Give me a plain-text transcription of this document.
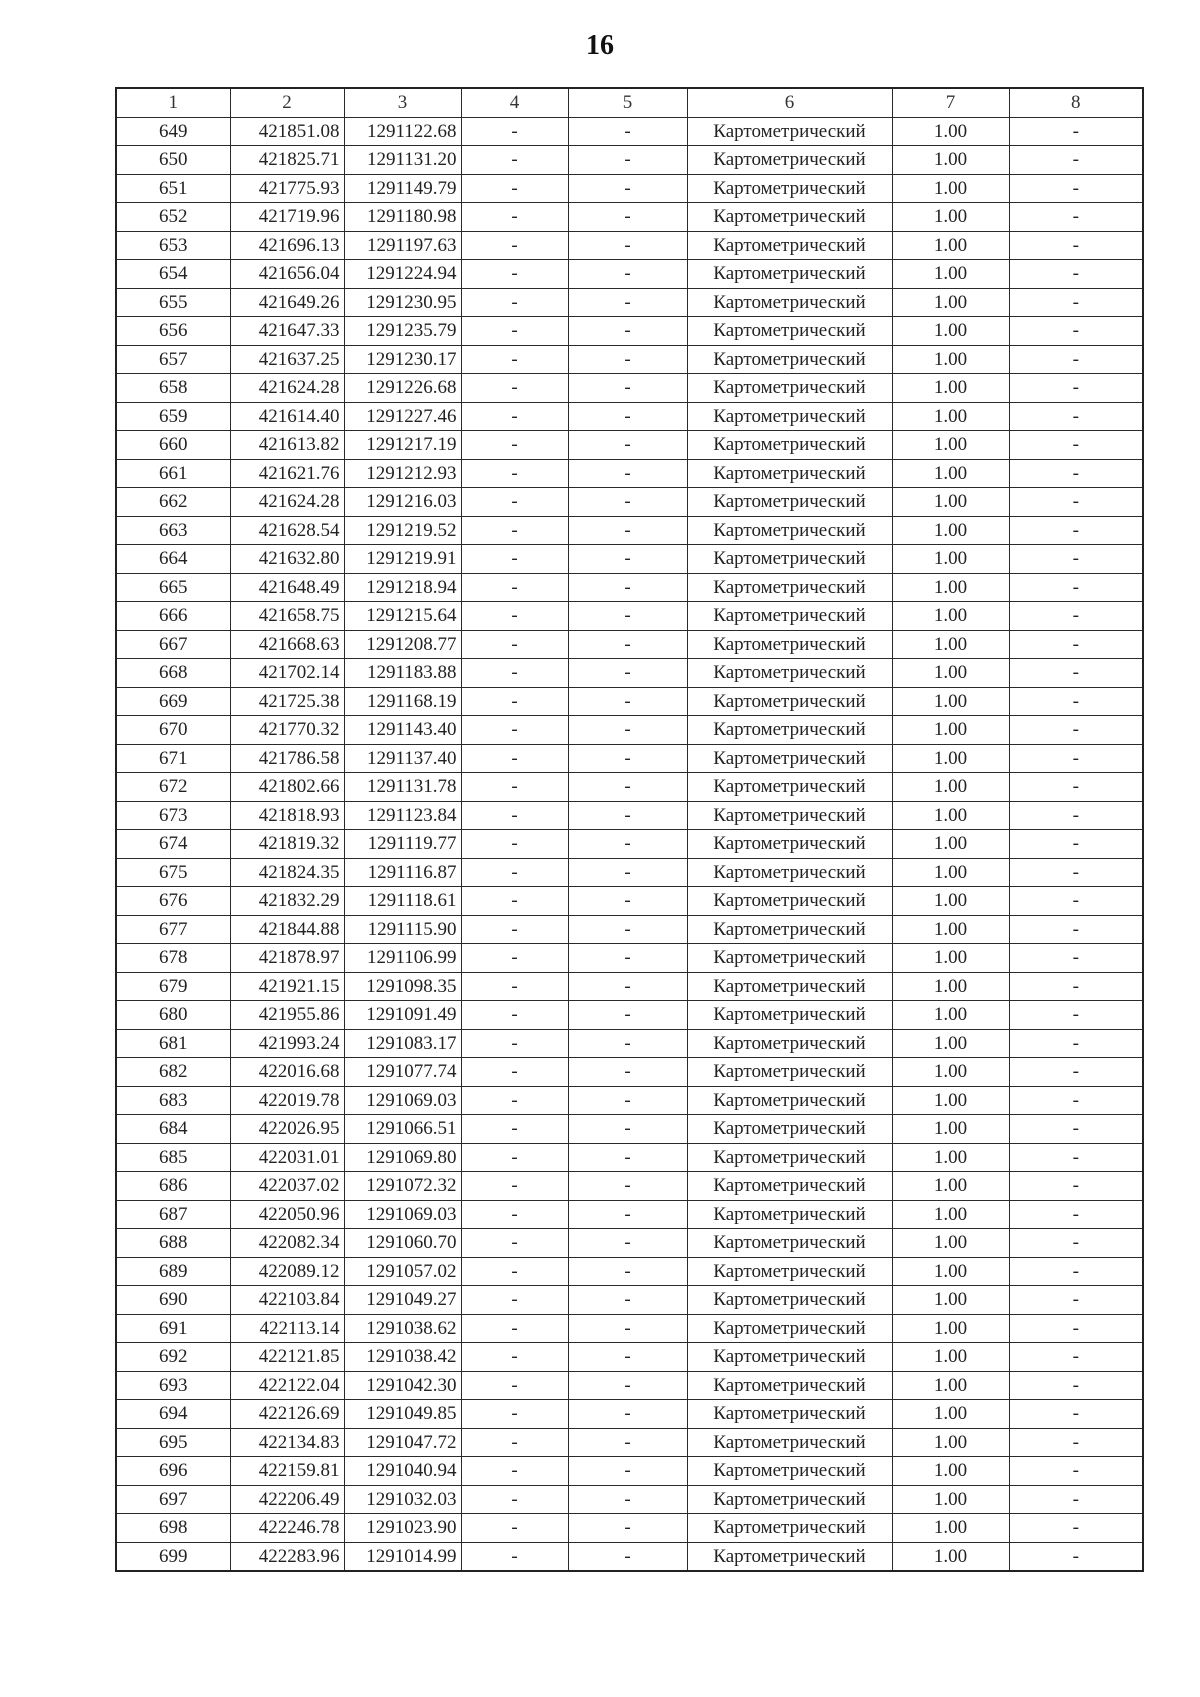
16
1	2	3	4	5	6	7	8
649	421851.08	1291122.68	-	-	Картометрический	1.00	-
650	421825.71	1291131.20	-	-	Картометрический	1.00	-
651	421775.93	1291149.79	-	-	Картометрический	1.00	-
652	421719.96	1291180.98	-	-	Картометрический	1.00	-
653	421696.13	1291197.63	-	-	Картометрический	1.00	-
654	421656.04	1291224.94	-	-	Картометрический	1.00	-
655	421649.26	1291230.95	-	-	Картометрический	1.00	-
656	421647.33	1291235.79	-	-	Картометрический	1.00	-
657	421637.25	1291230.17	-	-	Картометрический	1.00	-
658	421624.28	1291226.68	-	-	Картометрический	1.00	-
659	421614.40	1291227.46	-	-	Картометрический	1.00	-
660	421613.82	1291217.19	-	-	Картометрический	1.00	-
661	421621.76	1291212.93	-	-	Картометрический	1.00	-
662	421624.28	1291216.03	-	-	Картометрический	1.00	-
663	421628.54	1291219.52	-	-	Картометрический	1.00	-
664	421632.80	1291219.91	-	-	Картометрический	1.00	-
665	421648.49	1291218.94	-	-	Картометрический	1.00	-
666	421658.75	1291215.64	-	-	Картометрический	1.00	-
667	421668.63	1291208.77	-	-	Картометрический	1.00	-
668	421702.14	1291183.88	-	-	Картометрический	1.00	-
669	421725.38	1291168.19	-	-	Картометрический	1.00	-
670	421770.32	1291143.40	-	-	Картометрический	1.00	-
671	421786.58	1291137.40	-	-	Картометрический	1.00	-
672	421802.66	1291131.78	-	-	Картометрический	1.00	-
673	421818.93	1291123.84	-	-	Картометрический	1.00	-
674	421819.32	1291119.77	-	-	Картометрический	1.00	-
675	421824.35	1291116.87	-	-	Картометрический	1.00	-
676	421832.29	1291118.61	-	-	Картометрический	1.00	-
677	421844.88	1291115.90	-	-	Картометрический	1.00	-
678	421878.97	1291106.99	-	-	Картометрический	1.00	-
679	421921.15	1291098.35	-	-	Картометрический	1.00	-
680	421955.86	1291091.49	-	-	Картометрический	1.00	-
681	421993.24	1291083.17	-	-	Картометрический	1.00	-
682	422016.68	1291077.74	-	-	Картометрический	1.00	-
683	422019.78	1291069.03	-	-	Картометрический	1.00	-
684	422026.95	1291066.51	-	-	Картометрический	1.00	-
685	422031.01	1291069.80	-	-	Картометрический	1.00	-
686	422037.02	1291072.32	-	-	Картометрический	1.00	-
687	422050.96	1291069.03	-	-	Картометрический	1.00	-
688	422082.34	1291060.70	-	-	Картометрический	1.00	-
689	422089.12	1291057.02	-	-	Картометрический	1.00	-
690	422103.84	1291049.27	-	-	Картометрический	1.00	-
691	422113.14	1291038.62	-	-	Картометрический	1.00	-
692	422121.85	1291038.42	-	-	Картометрический	1.00	-
693	422122.04	1291042.30	-	-	Картометрический	1.00	-
694	422126.69	1291049.85	-	-	Картометрический	1.00	-
695	422134.83	1291047.72	-	-	Картометрический	1.00	-
696	422159.81	1291040.94	-	-	Картометрический	1.00	-
697	422206.49	1291032.03	-	-	Картометрический	1.00	-
698	422246.78	1291023.90	-	-	Картометрический	1.00	-
699	422283.96	1291014.99	-	-	Картометрический	1.00	-
